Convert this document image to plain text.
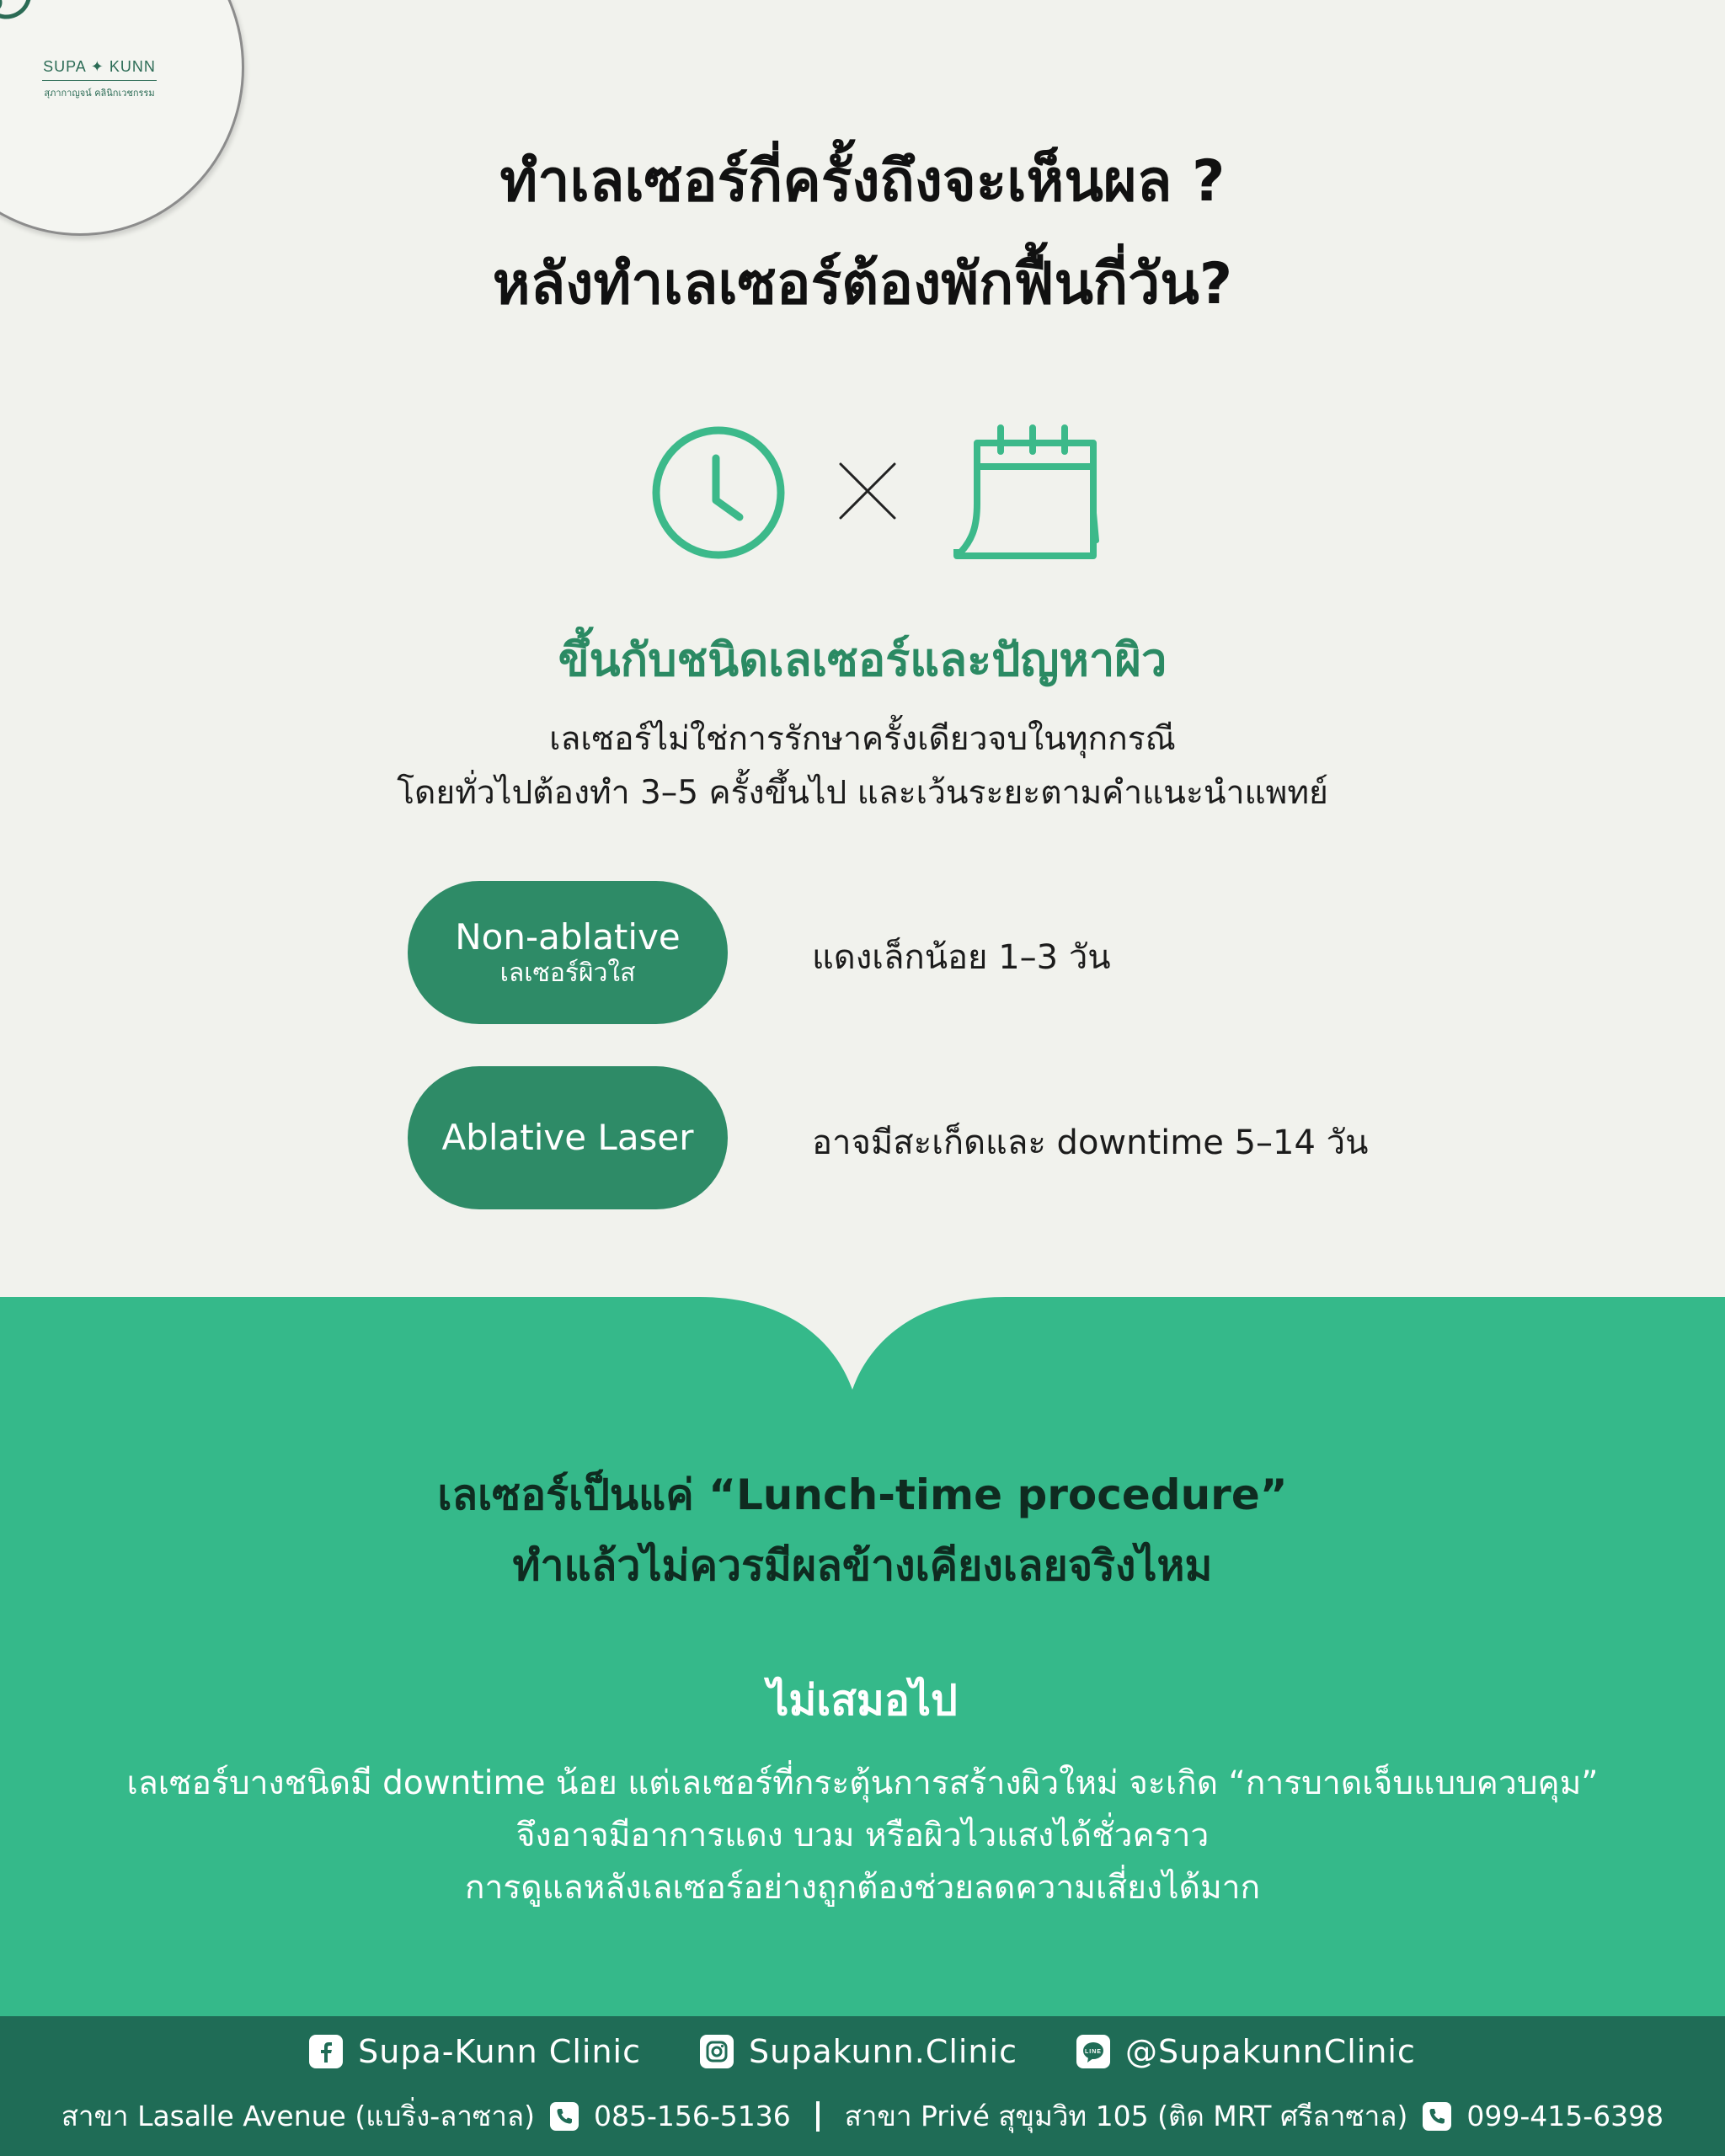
SUPA ✦ KUNN
สุภากาญจน์ คลินิกเวชกรรม
ทำเลเซอร์กี่ครั้งถึงจะเห็นผล ?
หลังทำเลเซอร์ต้องพักฟื้นกี่วัน?
ขึ้นกับชนิดเลเซอร์และปัญหาผิว
เลเซอร์ไม่ใช่การรักษาครั้งเดียวจบในทุกกรณี
โดยทั่วไปต้องทำ 3–5 ครั้งขึ้นไป และเว้นระยะตามคำแนะนำแพทย์
Non-ablative
เลเซอร์ผิวใส	แดงเล็กน้อย 1–3 วัน
Ablative Laser	อาจมีสะเก็ดและ downtime 5–14 วัน
เลเซอร์เป็นแค่ “Lunch-time procedure”
ทำแล้วไม่ควรมีผลข้างเคียงเลยจริงไหม
ไม่เสมอไป
เลเซอร์บางชนิดมี downtime น้อย แต่เลเซอร์ที่กระตุ้นการสร้างผิวใหม่ จะเกิด “การบาดเจ็บแบบควบคุม”
จึงอาจมีอาการแดง บวม หรือผิวไวแสงได้ชั่วคราว
การดูแลหลังเลเซอร์อย่างถูกต้องช่วยลดความเสี่ยงได้มาก
Supa-Kunn Clinic	Supakunn.Clinic	LINE @SupakunnClinic
สาขา Lasalle Avenue (แบริ่ง-ลาซาล) 085-156-5136 สาขา Privé สุขุมวิท 105 (ติด MRT ศรีลาซาล) 099-415-6398
